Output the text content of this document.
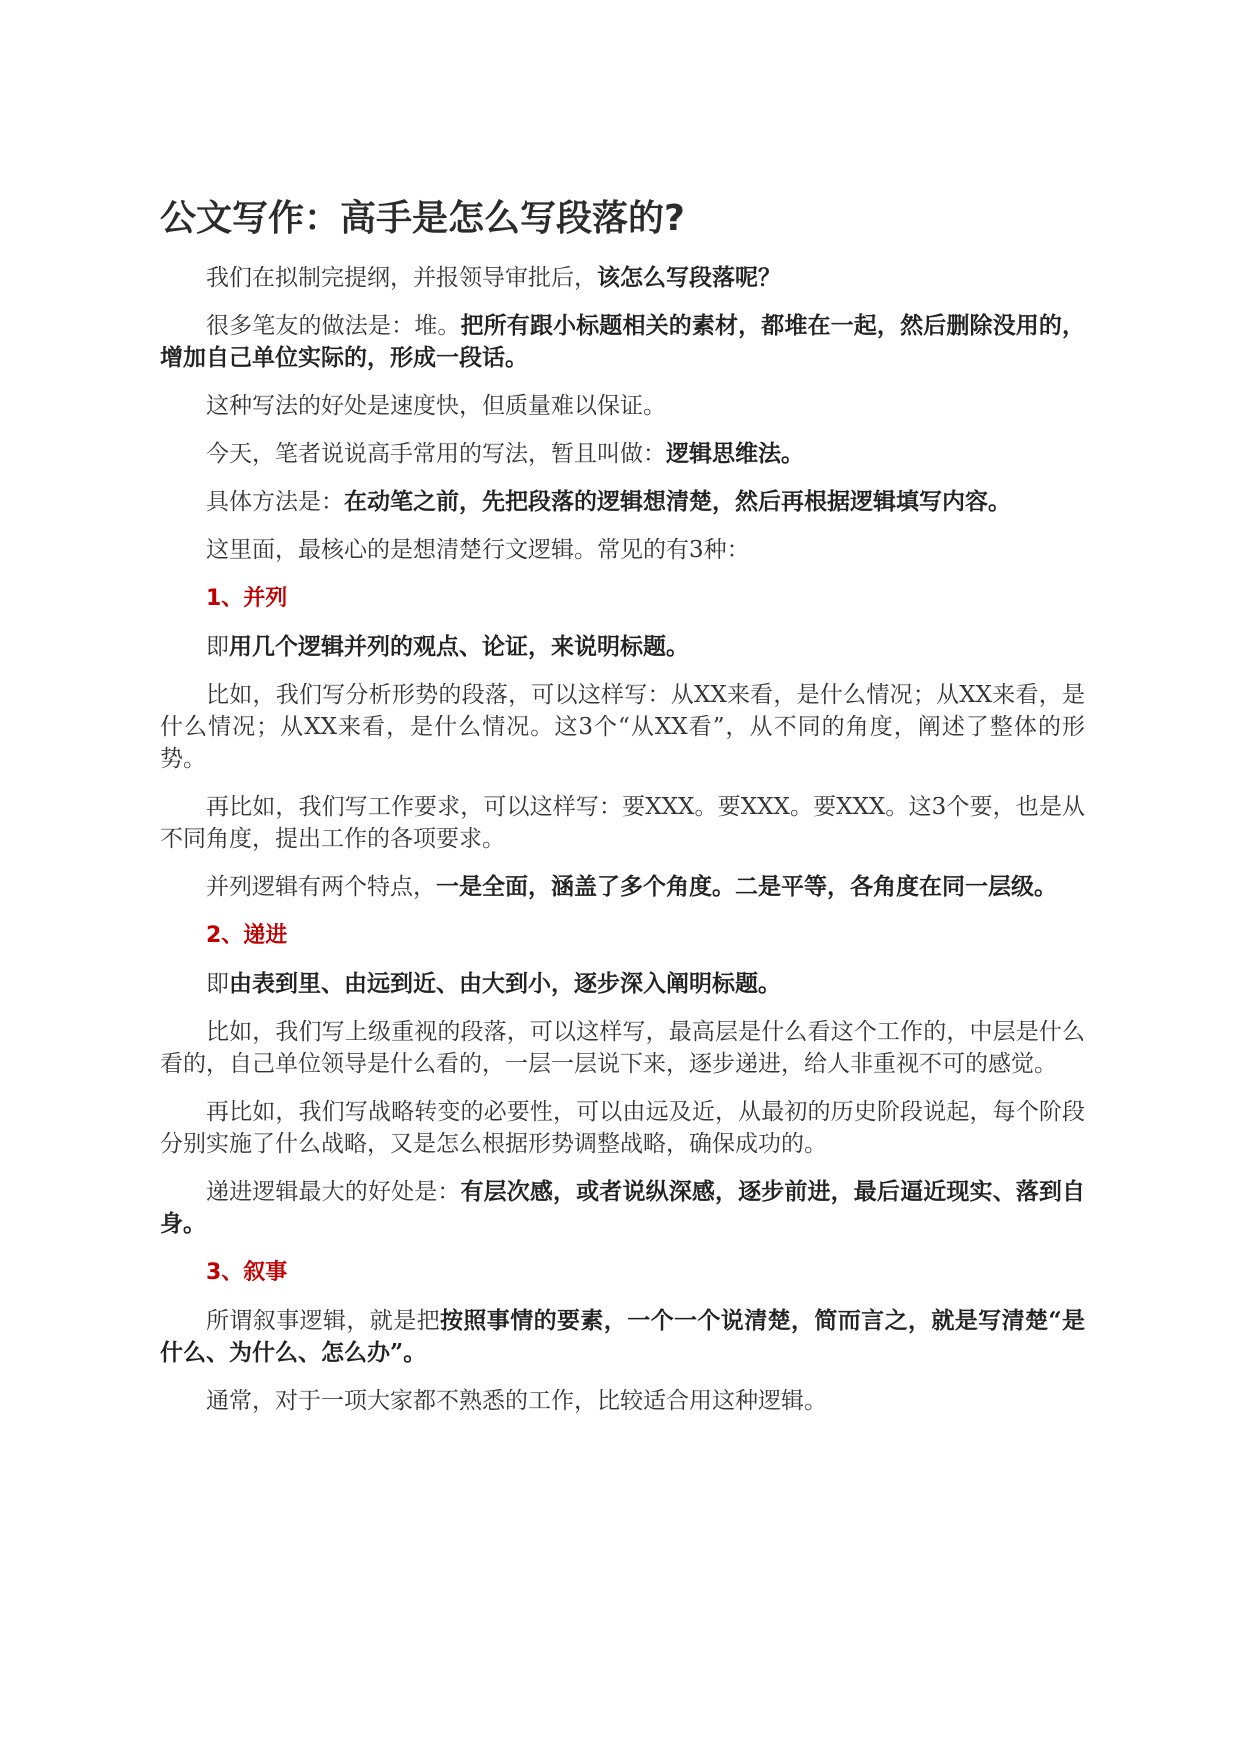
公文写作：高手是怎么写段落的?

我们在拟制完提纲，并报领导审批后，该怎么写段落呢？

很多笔友的做法是：堆。把所有跟小标题相关的素材，都堆在一起，然后删除没用的，增加自己单位实际的，形成一段话。

这种写法的好处是速度快，但质量难以保证。

今天，笔者说说高手常用的写法，暂且叫做：逻辑思维法。

具体方法是：在动笔之前，先把段落的逻辑想清楚，然后再根据逻辑填写内容。

这里面，最核心的是想清楚行文逻辑。常见的有3种：

1、并列

即用几个逻辑并列的观点、论证，来说明标题。

比如，我们写分析形势的段落，可以这样写：从XX来看，是什么情况；从XX来看，是什么情况；从XX来看，是什么情况。这3个“从XX看”，从不同的角度，阐述了整体的形势。

再比如，我们写工作要求，可以这样写：要XXX。要XXX。要XXX。这3个要，也是从不同角度，提出工作的各项要求。

并列逻辑有两个特点，一是全面，涵盖了多个角度。二是平等，各角度在同一层级。

2、递进

即由表到里、由远到近、由大到小，逐步深入阐明标题。

比如，我们写上级重视的段落，可以这样写，最高层是什么看这个工作的，中层是什么看的，自己单位领导是什么看的，一层一层说下来，逐步递进，给人非重视不可的感觉。

再比如，我们写战略转变的必要性，可以由远及近，从最初的历史阶段说起，每个阶段分别实施了什么战略，又是怎么根据形势调整战略，确保成功的。

递进逻辑最大的好处是：有层次感，或者说纵深感，逐步前进，最后逼近现实、落到自身。

3、叙事

所谓叙事逻辑，就是把按照事情的要素，一个一个说清楚，简而言之，就是写清楚“是什么、为什么、怎么办”。

通常，对于一项大家都不熟悉的工作，比较适合用这种逻辑。
